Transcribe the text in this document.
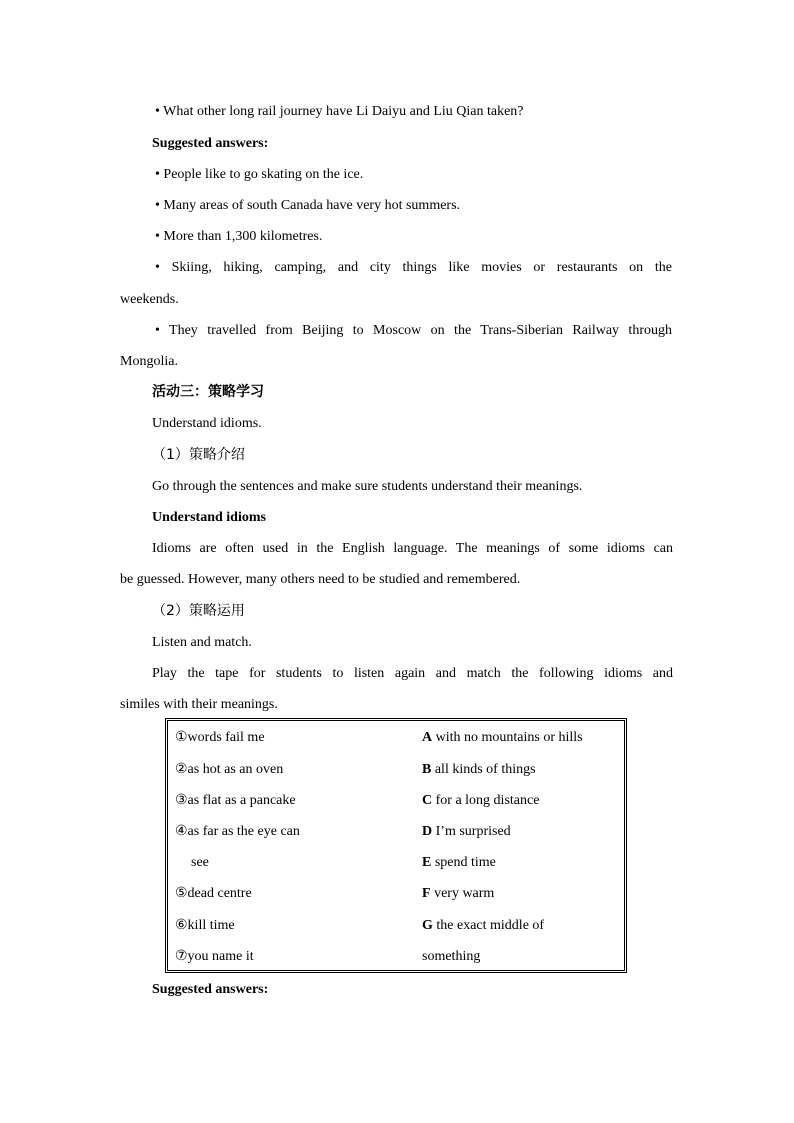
• What other long rail journey have Li Daiyu and Liu Qian taken?
Suggested answers:
• People like to go skating on the ice.
• Many areas of south Canada have very hot summers.
• More than 1,300 kilometres.
• Skiing, hiking, camping, and city things like movies or restaurants on the
weekends.
• They travelled from Beijing to Moscow on the Trans-Siberian Railway through
Mongolia.
活动三：策略学习
Understand idioms.
（1）策略介绍
Go through the sentences and make sure students understand their meanings.
Understand idioms
Idioms are often used in the English language. The meanings of some idioms can
be guessed. However, many others need to be studied and remembered.
（2）策略运用
Listen and match.
Play the tape for students to listen again and match the following idioms and
similes with their meanings.
①words fail me
②as hot as an oven
③as flat as a pancake
④as far as the eye can
see
⑤dead centre
⑥kill time
⑦you name it
A with no mountains or hills
B all kinds of things
C for a long distance
D I’m surprised
E spend time
F very warm
G the exact middle of
something
Suggested answers:
